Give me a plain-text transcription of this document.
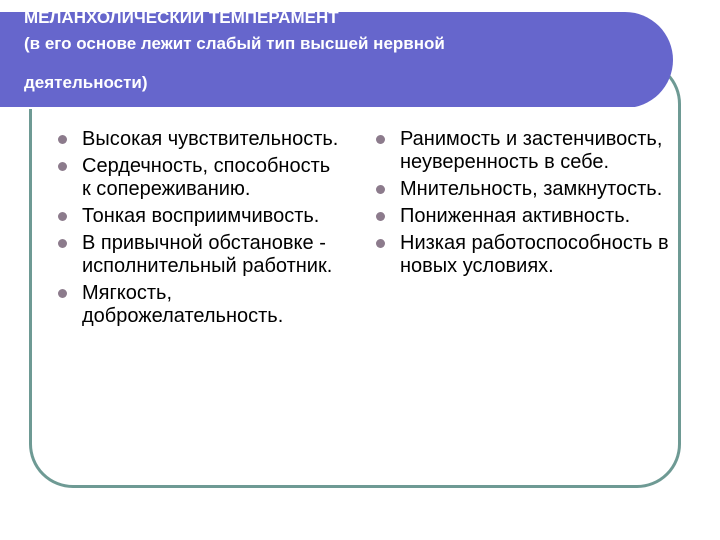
МЕЛАНХОЛИЧЕСКИЙ ТЕМПЕРАМЕНТ
(в его основе лежит слабый тип высшей нервной
деятельности)
Высокая чувствительность.
Сердечность, способность к сопереживанию.
Тонкая восприимчивость.
В привычной обстановке - исполнительный работник.
Мягкость, доброжелательность.
Ранимость и застенчивость, неуверенность в себе.
Мнительность, замкнутость.
Пониженная активность.
Низкая работоспособность в новых условиях.
